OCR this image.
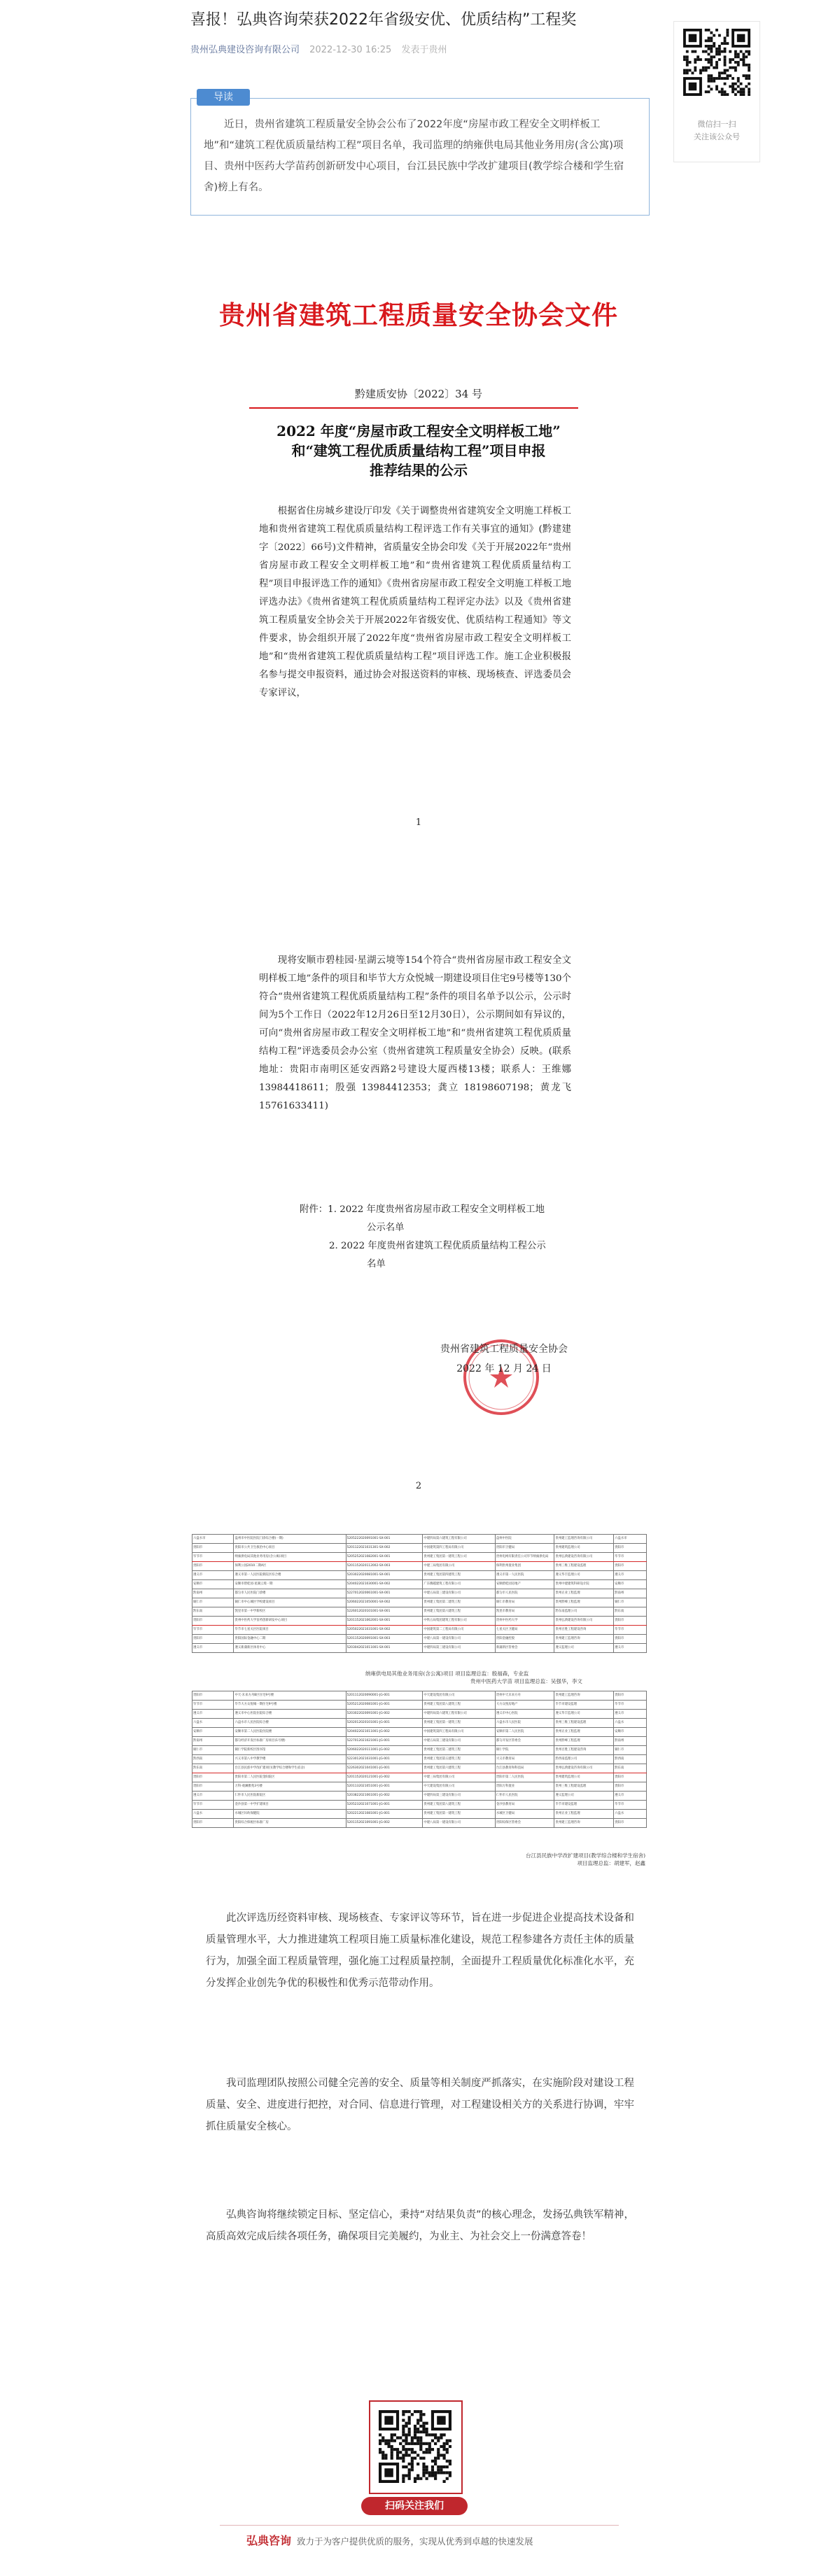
喜报！弘典咨询荣获2022年省级安优、优质结构”工程奖
贵州弘典建设咨询有限公司 2022-12-30 16:25 发表于贵州
导读
近日，贵州省建筑工程质量安全协会公布了2022年度“房屋市政工程安全文明样板工地”和“建筑工程优质质量结构工程”项目名单，我司监理的纳雍供电局其他业务用房(含公寓)项目、贵州中医药大学苗药创新研发中心项目，台江县民族中学改扩建项目(教学综合楼和学生宿舍)榜上有名。
贵州省建筑工程质量安全协会文件
黔建质安协〔2022〕34 号
2022 年度“房屋市政工程安全文明样板工地”
和“建筑工程优质质量结构工程”项目申报
推荐结果的公示
根据省住房城乡建设厅印发《关于调整贵州省建筑安全文明施工样板工地和贵州省建筑工程优质质量结构工程评选工作有关事宜的通知》(黔建建字〔2022〕66号)文件精神，省质量安全协会印发《关于开展2022年“贵州省房屋市政工程安全文明样板工地”和“贵州省建筑工程优质质量结构工程”项目申报评选工作的通知》《贵州省房屋市政工程安全文明施工样板工地评选办法》《贵州省建筑工程优质质量结构工程评定办法》以及《贵州省建筑工程质量安全协会关于开展2022年省级安优、优质结构工程通知》等文件要求，协会组织开展了2022年度“贵州省房屋市政工程安全文明样板工地”和“贵州省建筑工程优质质量结构工程”项目评选工作。施工企业积极报名参与提交申报资料，通过协会对报送资料的审核、现场核查、评选委员会专家评议，
1
现将安顺市碧桂园·星湖云境等154个符合“贵州省房屋市政工程安全文明样板工地”条件的项目和毕节大方众悦城一期建设项目住宅9号楼等130个符合“贵州省建筑工程优质质量结构工程”条件的项目名单予以公示，公示时间为5个工作日（2022年12月26日至12月30日），公示期间如有异议的，可向“贵州省房屋市政工程安全文明样板工地”和“贵州省建筑工程优质质量结构工程”评选委员会办公室（贵州省建筑工程质量安全协会）反映。(联系地址：贵阳市南明区延安西路2号建设大厦西楼13楼；联系人：王维娜 13984418611；殷强 13984412353；龚立 18198607198；黄龙飞 15761633411)
附件：1. 2022 年度贵州省房屋市政工程安全文明样板工地
公示名单
2. 2022 年度贵州省建筑工程优质质量结构工程公示
名单
贵州省建筑工程质量安全协会
2022 年 12 月 24 日
2
六盘水市	盘州市中医院医院门诊综合楼(一期)	5205222020091001-SX-001	中建四局第六建筑工程有限公司	盘州中医院	贵州建工监理咨询有限公司	六盘水市
贵阳市	贵阳市公共卫生救治中心项目	5201122021031301-SX-002	中国建筑第四工程局有限公司	贵阳市卫健局	贵州建筑监理公司	贵阳市
毕节市	纳雍供电局其他业务用房(含公寓)项目	5205252021082001-SX-001	贵州建工集团第一建筑工程公司	贵州电网有限责任公司毕节纳雍供电局	贵州弘典建设咨询有限公司	毕节市
贵阳市	保利公园2010二期A区	5201152020112002-SX-003	中建三局集团有限公司	保利贵州置业集团	贵州三维工程建设监理	贵阳市
遵义市	遵义市第一人民医院新院区综合楼	5203022020081001-SX-001	贵州建工集团第四建筑工程	遵义市第一人民医院	遵义华丰监理公司	遵义市
安顺市	安顺市碧桂园·星湖云境一期	5204022021030001-SX-002	广东腾越建筑工程有限公司	安顺碧桂园房地产	贵州中建建筑科研设计院	安顺市
黔南州	都匀市人民医院门诊楼	5227012020061001-SX-001	中建五局第三建设有限公司	都匀市人民医院	贵州正业工程监理	黔南州
铜仁市	铜仁市中心城区学校建设项目	5206022021050001-SX-002	贵州建工集团第二建筑工程	铜仁市教育局	贵州黔峰工程监理	铜仁市
黔东南	凯里市第一中学新校区	5226012020101001-SX-001	贵州建工集团第六建筑工程	凯里市教育局	黔东南监理公司	黔东南
贵阳市	贵州中医药大学苗药创新研发中心项目	5201152021062001-SX-001	中铁五局集团建筑工程有限公司	贵州中医药大学	贵州弘典建设咨询有限公司	贵阳市
毕节市	毕节市七星关区医院项目	5205022021031001-SX-002	中国建筑第二工程局有限公司	七星关区卫健局	贵州百胜工程建设咨询	毕节市
贵阳市	贵阳国际金融中心二期	5201152020091001-SX-003	中建八局第一建设有限公司	贵阳金融控股	贵州建工监理咨询	贵阳市
遵义市	遵义新蒲新区体育中心	5203042021011001-SX-001	中建四局第三建设有限公司	新蒲新区管委会	遵义监理公司	遵义市
纳雍供电局其他业务用房(含公寓)项目 项目监理总监：殷福森，专业监
贵州中医药大学苗 项目监理总监：吴强华，李文
贵阳市	中天·未来方舟B区住宅9号楼	5201112020090001-JG-001	中天建设集团有限公司	贵州中天未来方舟	贵州建工监理咨询	贵阳市
毕节市	毕节大方众悦城一期住宅9号楼	5205212020081001-JG-001	贵州建工集团第八建筑工程	大方众悦房地产	毕节市建设监理	毕节市
遵义市	遵义市中心医院住院综合楼	5203022020091001-JG-002	中建四局第六建筑工程有限公司	遵义市中心医院	遵义华丰监理公司	遵义市
六盘水	六盘水市人民医院综合楼	5202012020101001-JG-001	贵州建工集团第一建筑工程	六盘水市人民医院	贵州三维工程建设监理	六盘水
安顺市	安顺市第二人民医院住院楼	5204022021011001-JG-002	中国建筑第四工程局有限公司	安顺市第二人民医院	贵州正业工程监理	安顺市
黔南州	都匀经济开发区标准厂房项目(1号楼)	5227012021021001-JG-001	中建五局第三建设有限公司	都匀开发区管委会	贵州黔峰工程监理	黔南州
铜仁市	铜仁学院新校区图书馆	5206022020111001-JG-002	贵州建工集团第二建筑工程	铜仁学院	贵州百胜工程建设咨询	铜仁市
黔西南	兴义市第八中学教学楼	5223012021031001-JG-001	贵州建工集团第五建筑工程	兴义市教育局	黔西南监理公司	黔西南
黔东南	台江县民族中学改扩建项目(教学综合楼和学生宿舍)	5226302021041001-JG-001	贵州建工集团第六建筑工程	台江县教育和科技局	贵州弘典建设咨询有限公司	黔东南
贵阳市	贵阳市第二人民医院金阳院区	5201152020121001-JG-002	中建三局集团有限公司	贵阳市第二人民医院	贵州建筑监理公司	贵阳市
贵阳市	万科·观澜雅苑3号楼	5201132021051001-JG-001	中天建设集团有限公司	贵阳万科置业	贵州三维工程建设监理	贵阳市
遵义市	仁怀市人民医院新院区	5203822021061001-JG-002	中建四局第三建设有限公司	仁怀市人民医院	遵义监理公司	遵义市
毕节市	金沙县第一中学扩建项目	5205232021071001-JG-001	贵州建工集团第八建筑工程	金沙县教育局	毕节市建设监理	毕节市
六盘水	水城区妇幼保健院	5202212021081001-JG-001	贵州建工集团第一建筑工程	水城区卫健局	贵州正业工程监理	六盘水
贵阳市	贵阳综合保税区标准厂房	5201152021091001-JG-002	中建八局第一建设有限公司	贵阳综保区管委会	贵州建工监理咨询	贵阳市
台江县民族中学改扩建项目(教学综合楼和学生宿舍)
项目监理总监：胡建军，赵鑫
此次评选历经资料审核、现场核查、专家评议等环节，旨在进一步促进企业提高技术设备和质量管理水平，大力推进建筑工程项目施工质量标准化建设，规范工程参建各方责任主体的质量行为，加强全面工程质量管理，强化施工过程质量控制，全面提升工程质量优化标准化水平，充分发挥企业创先争优的积极性和优秀示范带动作用。
我司监理团队按照公司健全完善的安全、质量等相关制度严抓落实，在实施阶段对建设工程质量、安全、进度进行把控，对合同、信息进行管理，对工程建设相关方的关系进行协调，牢牢抓住质量安全核心。
弘典咨询将继续锁定目标、坚定信心，秉持“对结果负责”的核心理念，发扬弘典铁军精神，高质高效完成后续各项任务，确保项目完美履约，为业主、为社会交上一份满意答卷！
扫码关注我们
弘典咨询 致力于为客户提供优质的服务，实现从优秀到卓越的快速发展
微信扫一扫
关注该公众号
